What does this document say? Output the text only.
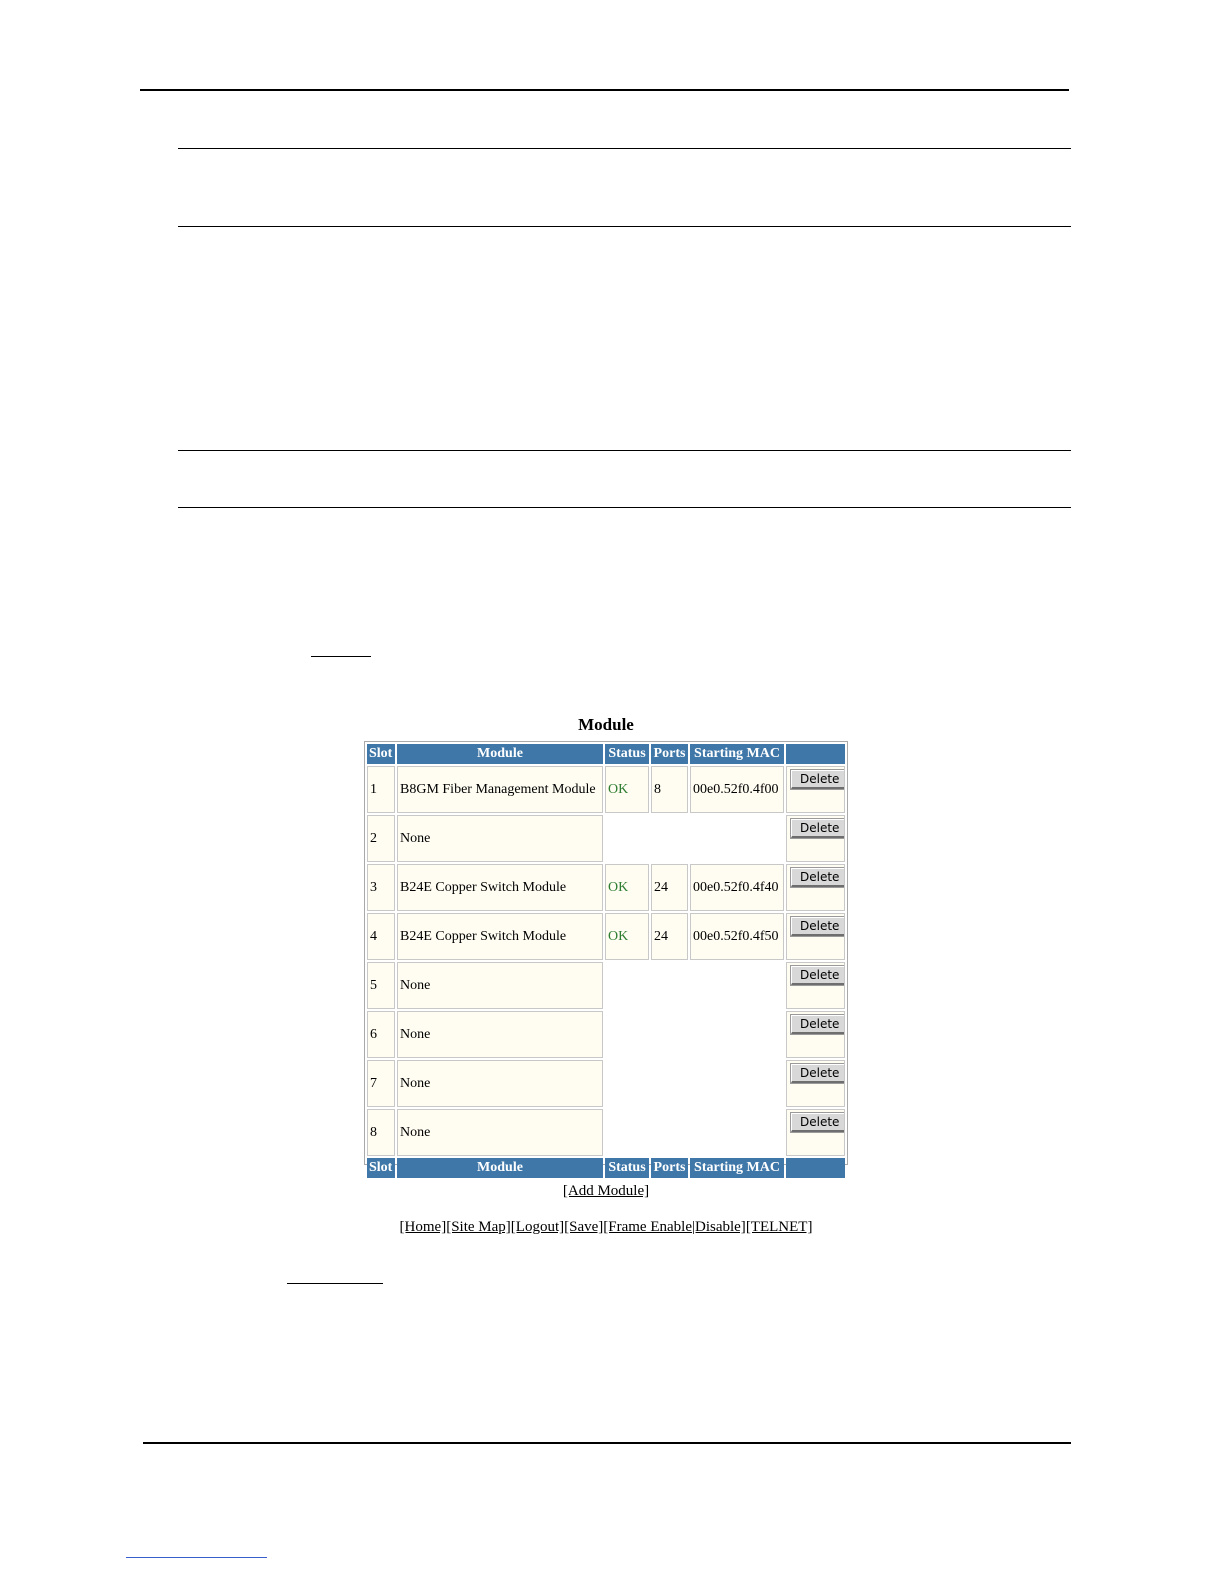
Module
Slot	Module	Status	Ports	Starting MAC	
1	B8GM Fiber Management Module	OK	8	00e0.52f0.4f00	Delete
2	None				Delete
3	B24E Copper Switch Module	OK	24	00e0.52f0.4f40	Delete
4	B24E Copper Switch Module	OK	24	00e0.52f0.4f50	Delete
5	None				Delete
6	None				Delete
7	None				Delete
8	None				Delete
Slot	Module	Status	Ports	Starting MAC	
[Add Module]
[Home][Site Map][Logout][Save][Frame Enable|Disable][TELNET]
